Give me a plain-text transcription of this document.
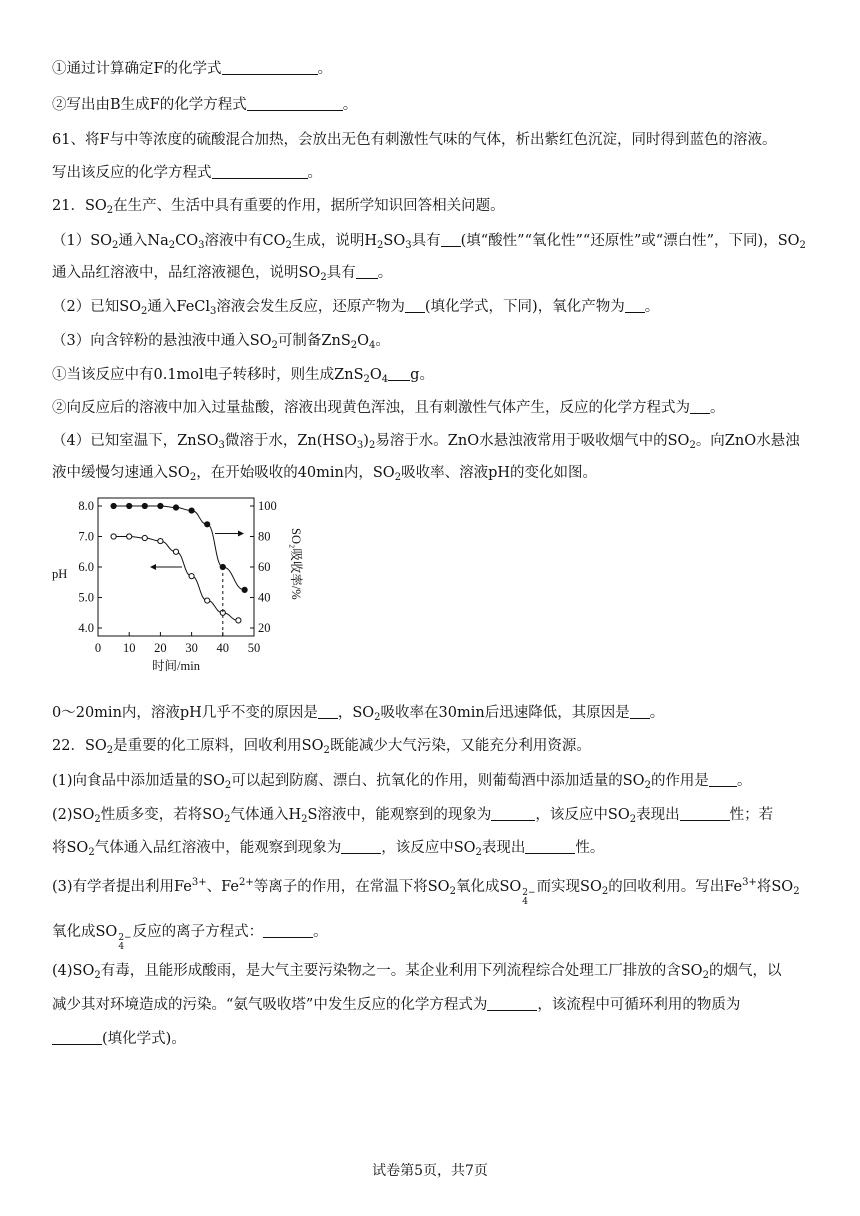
①通过计算确定F的化学式	。
②写出由B生成F的化学方程式	。
61、将F与中等浓度的硫酸混合加热，会放出无色有刺激性气味的气体，析出紫红色沉淀，同时得到蓝色的溶液。
写出该反应的化学方程式	。
21．$SO_2$在生产、生活中具有重要的作用，据所学知识回答相关问题。
$(1)SO_2$通入$Na_2CO_3$溶液中有$CO_2$生成，说明$H_2SO_3$具有 (填“酸性”“氧化性”“还原性”或“漂白性”，下同)，$SO_2$
通入品红溶液中，品红溶液褪色，说明$SO_2$具有 。
（2）已知$SO_2$通入FeCl$_3$溶液会发生反应，还原产物为 (填化学式，下同)，氧化产物为 。
（3）向含锌粉的悬浊液中通入$SO_2$可制备$ZnS_2O_4$。
①当该反应中有0.1mol电子转移时，则生成$ZnS_2O_4$ g。
②向反应后的溶液中加入过量盐酸，溶液出现黄色浑浊，且有刺激性气体产生，反应的化学方程式为 。
（4）已知室温下，ZnSO$_3$微溶于水，$Zn(HSO_3)_2$易溶于水。ZnO水悬浊液常用于吸收烟气中的$SO_2$。向ZnO水悬浊
液中缓慢匀速通入$SO_2$，在开始吸收的40min内，$SO_2$吸收率、溶液pH的变化如图。
0 10 20 30 40 50
4.0
5.0
6.0
7.0
8.0
20
40
60
80
100
时间/min
pH	SO₂吸收率/%
0～20min内，溶液pH几乎不变的原因是 ，$SO_2$吸收率在30min后迅速降低，其原因是 。
22．$SO_2$是重要的化工原料，回收利用$SO_2$既能减少大气污染，又能充分利用资源。
(1)向食品中添加适量的$SO_2$可以起到防腐、漂白、抗氧化的作用，则葡萄酒中添加适量的$SO_2$的作用是 。
$(2)SO_2$性质多变，若将$SO_2$气体通入$H_2S$溶液中，能观察到的现象为	，该反应中$SO_2$表现出	性；若
将$SO_2$气体通入品红溶液中，能观察到现象为	，该反应中$SO_2$表现出	性。
(3)有学者提出利用$Fe^{3+}$、$Fe^{2+}$等离子的作用，在常温下将$SO_2$氧化成SO 2−
4
而实现$SO_2$的回收利用。写出$Fe^{3+}$将$SO_2$
氧化成SO 2−
4
反应的离子方程式：	。
$(4)SO_2$有毒，且能形成酸雨，是大气主要污染物之一。某企业利用下列流程综合处理工厂排放的含$SO_2$的烟气，以
减少其对环境造成的污染。“氨气吸收塔”中发生反应的化学方程式为	，该流程中可循环利用的物质为
(填化学式)。
试卷第5页，共7页
